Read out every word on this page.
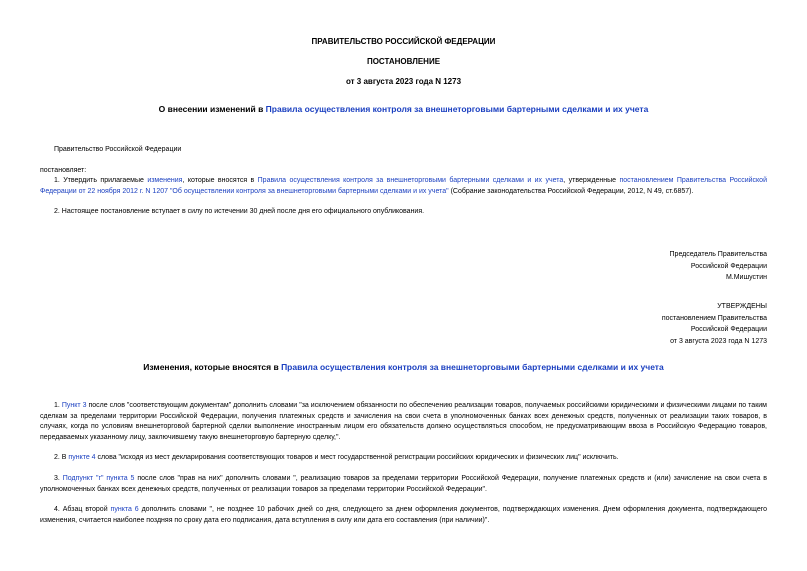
ПРАВИТЕЛЬСТВО РОССИЙСКОЙ ФЕДЕРАЦИИ
ПОСТАНОВЛЕНИЕ
от 3 августа 2023 года N 1273
О внесении изменений в Правила осуществления контроля за внешнеторговыми бартерными сделками и их учета

Правительство Российской Федерации

постановляет:

1. Утвердить прилагаемые изменения, которые вносятся в Правила осуществления контроля за внешнеторговыми бартерными сделками и их учета, утвержденные постановлением Правительства Российской Федерации от 22 ноября 2012 г. N 1207 "Об осуществлении контроля за внешнеторговыми бартерными сделками и их учета" (Собрание законодательства Российской Федерации, 2012, N 49, ст.6857).

2. Настоящее постановление вступает в силу по истечении 30 дней после дня его официального опубликования.

Председатель Правительства
Российской Федерации
М.Мишустин
УТВЕРЖДЕНЫ
постановлением Правительства
Российской Федерации
от 3 августа 2023 года N 1273
Изменения, которые вносятся в Правила осуществления контроля за внешнеторговыми бартерными сделками и их учета

1. Пункт 3 после слов "соответствующим документам" дополнить словами "за исключением обязанности по обеспечению реализации товаров, получаемых российскими юридическими и физическими лицами по таким сделкам за пределами территории Российской Федерации, получения платежных средств и зачисления на свои счета в уполномоченных банках всех денежных средств, полученных от реализации таких товаров, в случаях, когда по условиям внешнеторговой бартерной сделки выполнение иностранным лицом его обязательств должно осуществляться способом, не предусматривающим ввоза в Российскую Федерацию товаров, передаваемых указанному лицу, заключившему такую внешнеторговую бартерную сделку,".

2. В пункте 4 слова "исходя из мест декларирования соответствующих товаров и мест государственной регистрации российских юридических и физических лиц" исключить.

3. Подпункт "г" пункта 5 после слов "прав на них" дополнить словами ", реализацию товаров за пределами территории Российской Федерации, получение платежных средств и (или) зачисление на свои счета в уполномоченных банках всех денежных средств, полученных от реализации товаров за пределами территории Российской Федерации".

4. Абзац второй пункта 6 дополнить словами ", не позднее 10 рабочих дней со дня, следующего за днем оформления документов, подтверждающих изменения. Днем оформления документа, подтверждающего изменения, считается наиболее поздняя по сроку дата его подписания, дата вступления в силу или дата его составления (при наличии)".
